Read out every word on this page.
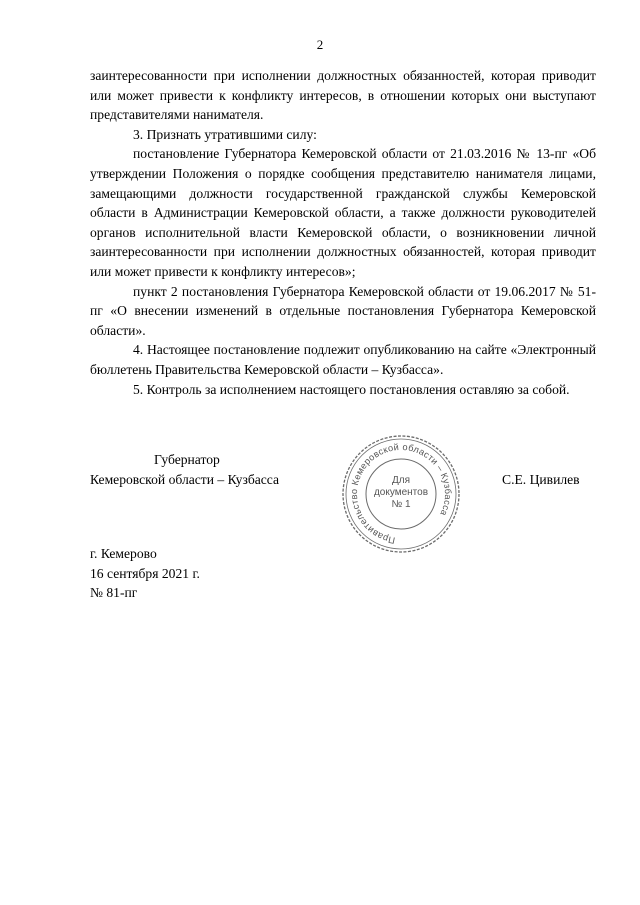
2

заинтересованности при исполнении должностных обязанностей, которая приводит или может привести к конфликту интересов, в отношении которых они выступают представителями нанимателя.

3. Признать утратившими силу:

постановление Губернатора Кемеровской области от 21.03.2016 № 13-пг «Об утверждении Положения о порядке сообщения представителю нанимателя лицами, замещающими должности государственной гражданской службы Кемеровской области в Администрации Кемеровской области, а также должности руководителей органов исполнительной власти Кемеровской области, о возникновении личной заинтересованности при исполнении должностных обязанностей, которая приводит или может привести к конфликту интересов»;

пункт 2 постановления Губернатора Кемеровской области от 19.06.2017 № 51-пг «О внесении изменений в отдельные постановления Губернатора Кемеровской области».

4. Настоящее постановление подлежит опубликованию на сайте «Электронный бюллетень Правительства Кемеровской области – Кузбасса».

5. Контроль за исполнением настоящего постановления оставляю за собой.

Губернатор
Кемеровской области – Кузбасса	С.Е. Цивилев
Правительство Кемеровской области – Кузбасса
Для
документов
№ 1
г. Кемерово
16 сентября 2021 г.
№ 81-пг
